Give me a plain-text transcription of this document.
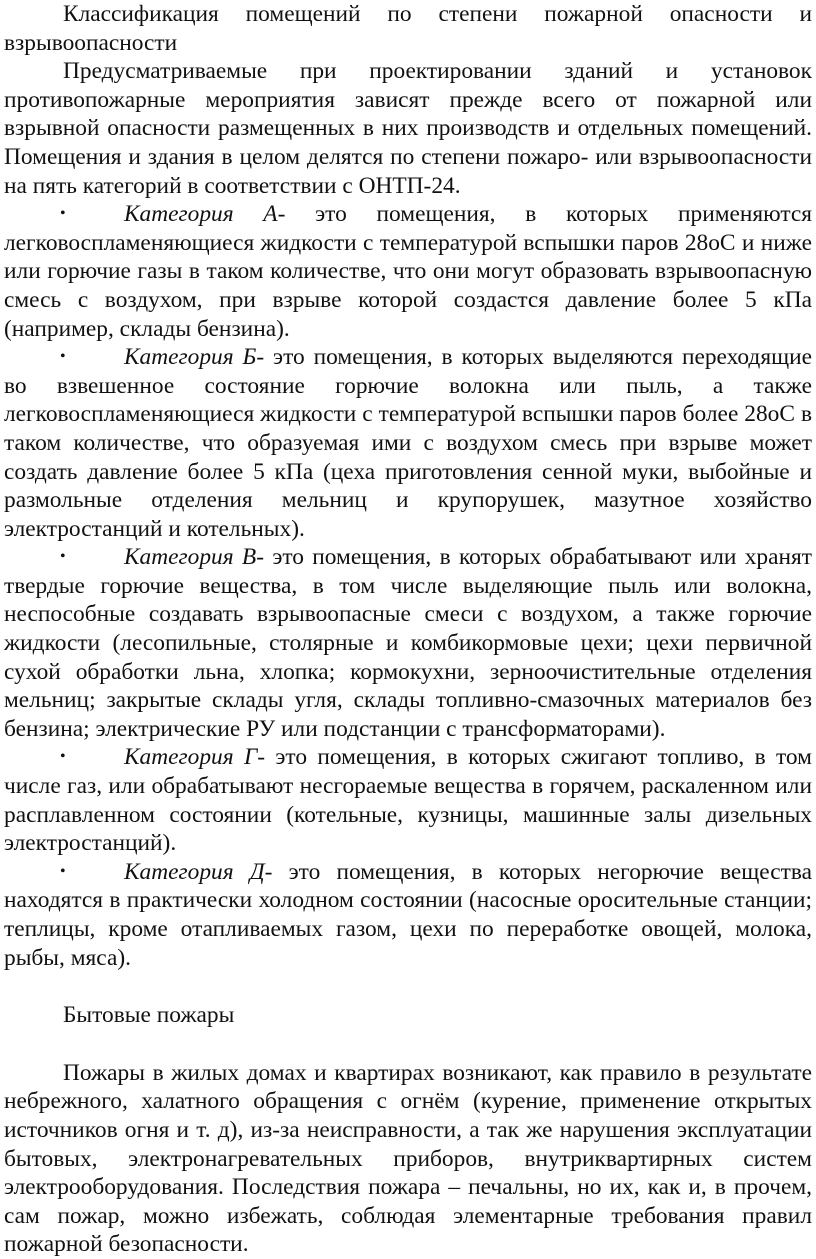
Классификация помещений по степени пожарной опасности и взрывоопасности

Предусматриваемые при проектировании зданий и установок противопожарные мероприятия зависят прежде всего от пожарной или взрывной опасности размещенных в них производств и отдельных помещений. Помещения и здания в целом делятся по степени пожаро- или взрывоопасности на пять категорий в соответствии с ОНТП-24.

• Категория А- это помещения, в которых применяются легковоспламеняющиеся жидкости с температурой вспышки паров 28оС и ниже или горючие газы в таком количестве, что они могут образовать взрывоопасную смесь с воздухом, при взрыве которой создастся давление более 5 кПа (например, склады бензина).
• Категория Б- это помещения, в которых выделяются переходящие во взвешенное состояние горючие волокна или пыль, а также легковоспламеняющиеся жидкости с температурой вспышки паров более 28оС в таком количестве, что образуемая ими с воздухом смесь при взрыве может создать давление более 5 кПа (цеха приготовления сенной муки, выбойные и размольные отделения мельниц и крупорушек, мазутное хозяйство электростанций и котельных).
• Категория В- это помещения, в которых обрабатывают или хранят твердые горючие вещества, в том числе выделяющие пыль или волокна, неспособные создавать взрывоопасные смеси с воздухом, а также горючие жидкости (лесопильные, столярные и комбикормовые цехи; цехи первичной сухой обработки льна, хлопка; кормокухни, зерноочистительные отделения мельниц; закрытые склады угля, склады топливно-смазочных материалов без бензина; электрические РУ или подстанции с трансформаторами).
• Категория Г- это помещения, в которых сжигают топливо, в том числе газ, или обрабатывают несгораемые вещества в горячем, раскаленном или расплавленном состоянии (котельные, кузницы, машинные залы дизельных электростанций).
• Категория Д- это помещения, в которых негорючие вещества находятся в практически холодном состоянии (насосные оросительные станции; теплицы, кроме отапливаемых газом, цехи по переработке овощей, молока, рыбы, мяса).

Бытовые пожары

Пожары в жилых домах и квартирах возникают, как правило в результате небрежного, халатного обращения с огнём (курение, применение открытых источников огня и т. д), из-за неисправности, а так же нарушения эксплуатации бытовых, электронагревательных приборов, внутриквартирных систем электрооборудования. Последствия пожара – печальны, но их, как и, в прочем, сам пожар, можно избежать, соблюдая элементарные требования правил пожарной безопасности.
